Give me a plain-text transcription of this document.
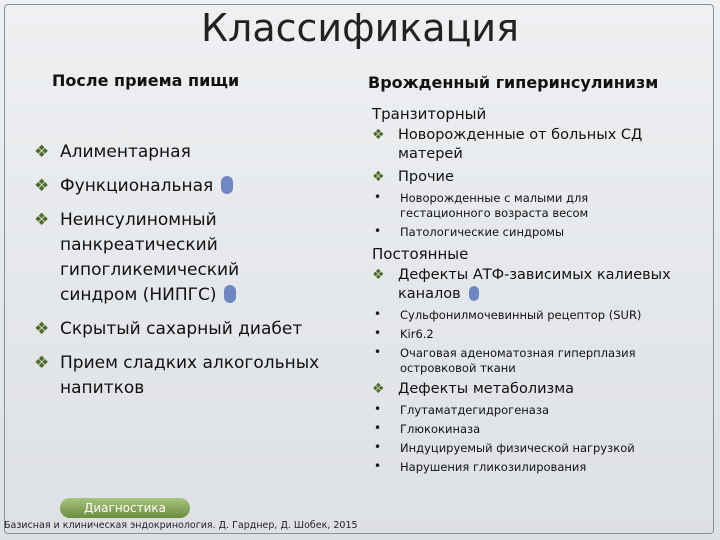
Классификация
После приема пищи	Врожденный гиперинсулинизм
❖ Алиментарная
❖ Функциональная
❖ Неинсулиномный панкреатический гипогликемический синдром (НИПГС)
❖ Скрытый сахарный диабет
❖ Прием сладких алкогольных напитков
Транзиторный
❖ Новорожденные от больных СД матерей
❖ Прочие
• Новорожденные с малыми для гестационного возраста весом
• Патологические синдромы
Постоянные
❖ Дефекты АТФ-зависимых калиевых каналов
• Сульфонилмочевинный рецептор (SUR)
• Kir6.2
• Очаговая аденоматозная гиперплазия островковой ткани
❖ Дефекты метаболизма
• Глутаматдегидрогеназа
• Глюкокиназа
• Индуцируемый физической нагрузкой
• Нарушения гликозилирования
Диагностика
Базисная и клиническая эндокринология. Д. Гарднер, Д. Шобек, 2015
